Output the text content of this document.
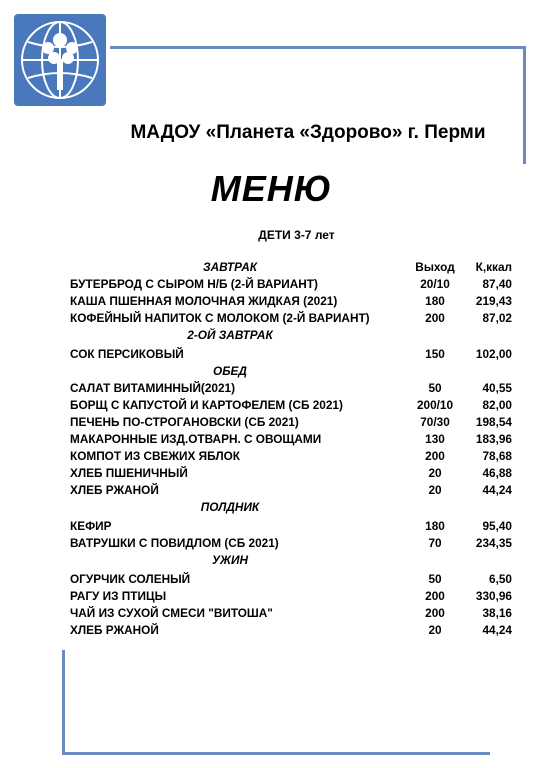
МАДОУ «Планета «Здорово» г. Перми
МЕНЮ
ДЕТИ 3-7 лет
ЗАВТРАК	Выход	К,ккал
БУТЕРБРОД С СЫРОМ Н/Б (2-Й ВАРИАНТ)	20/10	87,40
КАША ПШЕННАЯ МОЛОЧНАЯ ЖИДКАЯ (2021)	180	219,43
КОФЕЙНЫЙ НАПИТОК С МОЛОКОМ (2-Й ВАРИАНТ)	200	87,02
2-ОЙ ЗАВТРАК
СОК ПЕРСИКОВЫЙ	150	102,00
ОБЕД
САЛАТ ВИТАМИННЫЙ(2021)	50	40,55
БОРЩ С КАПУСТОЙ И КАРТОФЕЛЕМ (СБ 2021)	200/10	82,00
ПЕЧЕНЬ ПО-СТРОГАНОВСКИ (СБ 2021)	70/30	198,54
МАКАРОННЫЕ ИЗД.ОТВАРН. С ОВОЩАМИ	130	183,96
КОМПОТ ИЗ СВЕЖИХ ЯБЛОК	200	78,68
ХЛЕБ ПШЕНИЧНЫЙ	20	46,88
ХЛЕБ РЖАНОЙ	20	44,24
ПОЛДНИК
КЕФИР	180	95,40
ВАТРУШКИ С ПОВИДЛОМ (СБ 2021)	70	234,35
УЖИН
ОГУРЧИК СОЛЕНЫЙ	50	6,50
РАГУ ИЗ ПТИЦЫ	200	330,96
ЧАЙ ИЗ СУХОЙ СМЕСИ "ВИТОША"	200	38,16
ХЛЕБ РЖАНОЙ	20	44,24
